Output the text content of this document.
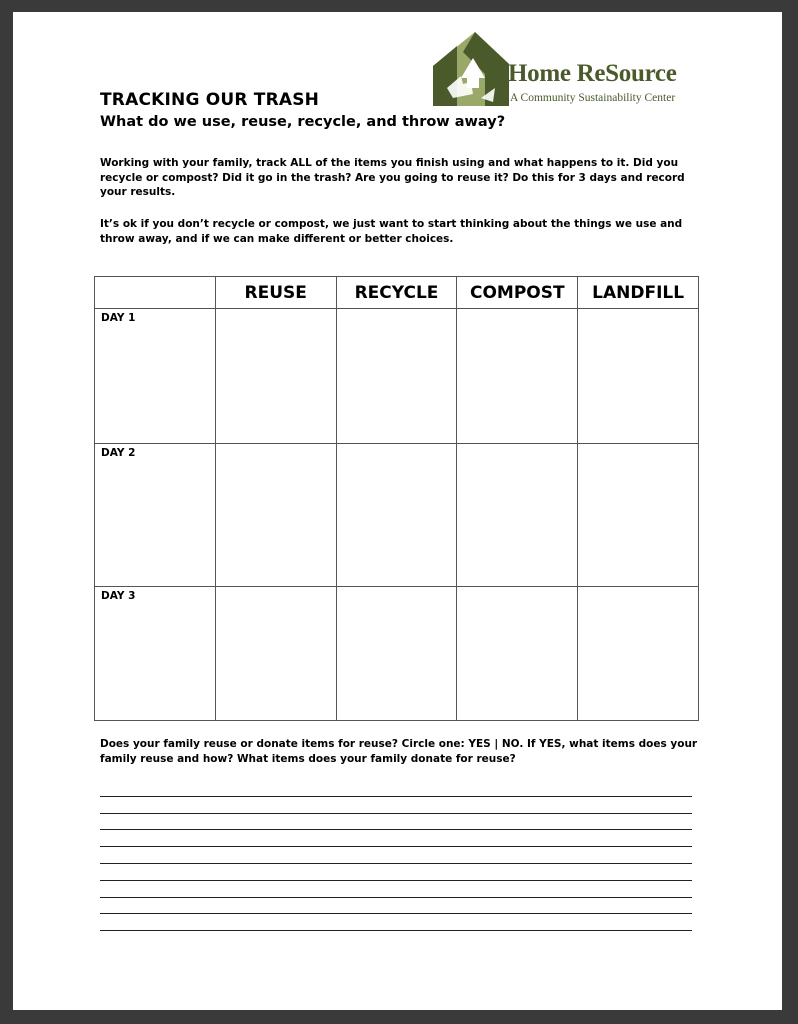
Home ReSource
A Community Sustainability Center
TRACKING OUR TRASH
What do we use, reuse, recycle, and throw away?
Working with your family, track ALL of the items you finish using and what happens to it. Did you recycle or compost? Did it go in the trash? Are you going to reuse it? Do this for 3 days and record your results.
It’s ok if you don’t recycle or compost, we just want to start thinking about the things we use and throw away, and if we can make different or better choices.
	REUSE	RECYCLE	COMPOST	LANDFILL

DAY 1				

DAY 2				

DAY 3				

Does your family reuse or donate items for reuse? Circle one: YES | NO. If YES, what items does your family reuse and how? What items does your family donate for reuse?
